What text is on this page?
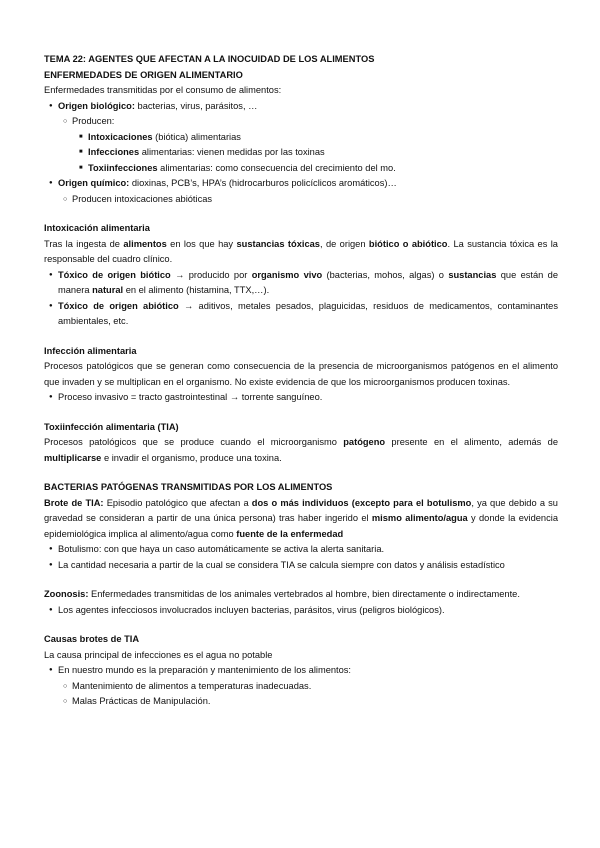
TEMA 22: AGENTES QUE AFECTAN A LA INOCUIDAD DE LOS ALIMENTOS

ENFERMEDADES DE ORIGEN ALIMENTARIO

Enfermedades transmitidas por el consumo de alimentos:

● Origen biológico: bacterias, virus, parásitos, …

○ Producen:

■ Intoxicaciones (biótica) alimentarias

■ Infecciones alimentarias: vienen medidas por las toxinas

■ Toxiinfecciones alimentarias: como consecuencia del crecimiento del mo.

● Origen químico: dioxinas, PCB’s, HPA’s (hidrocarburos policíclicos aromáticos)…

○ Producen intoxicaciones abióticas

Intoxicación alimentaria

Tras la ingesta de alimentos en los que hay sustancias tóxicas, de origen biótico o abiótico. La sustancia tóxica es la responsable del cuadro clínico.

● Tóxico de origen biótico → producido por organismo vivo (bacterias, mohos, algas) o sustancias que están de manera natural en el alimento (histamina, TTX,…).

● Tóxico de origen abiótico → aditivos, metales pesados, plaguicidas, residuos de medicamentos, contaminantes ambientales, etc.

Infección alimentaria

Procesos patológicos que se generan como consecuencia de la presencia de microorganismos patógenos en el alimento que invaden y se multiplican en el organismo. No existe evidencia de que los microorganismos producen toxinas.

● Proceso invasivo = tracto gastrointestinal → torrente sanguíneo.

Toxiinfección alimentaria (TIA)

Procesos patológicos que se produce cuando el microorganismo patógeno presente en el alimento, además de multiplicarse e invadir el organismo, produce una toxina.

BACTERIAS PATÓGENAS TRANSMITIDAS POR LOS ALIMENTOS

Brote de TIA: Episodio patológico que afectan a dos o más individuos (excepto para el botulismo, ya que debido a su gravedad se consideran a partir de una única persona) tras haber ingerido el mismo alimento/agua y donde la evidencia epidemiológica implica al alimento/agua como fuente de la enfermedad

● Botulismo: con que haya un caso automáticamente se activa la alerta sanitaria.

● La cantidad necesaria a partir de la cual se considera TIA se calcula siempre con datos y análisis estadístico

Zoonosis: Enfermedades transmitidas de los animales vertebrados al hombre, bien directamente o indirectamente.

● Los agentes infecciosos involucrados incluyen bacterias, parásitos, virus (peligros biológicos).

Causas brotes de TIA

La causa principal de infecciones es el agua no potable

● En nuestro mundo es la preparación y mantenimiento de los alimentos:

○ Mantenimiento de alimentos a temperaturas inadecuadas.

○ Malas Prácticas de Manipulación.
